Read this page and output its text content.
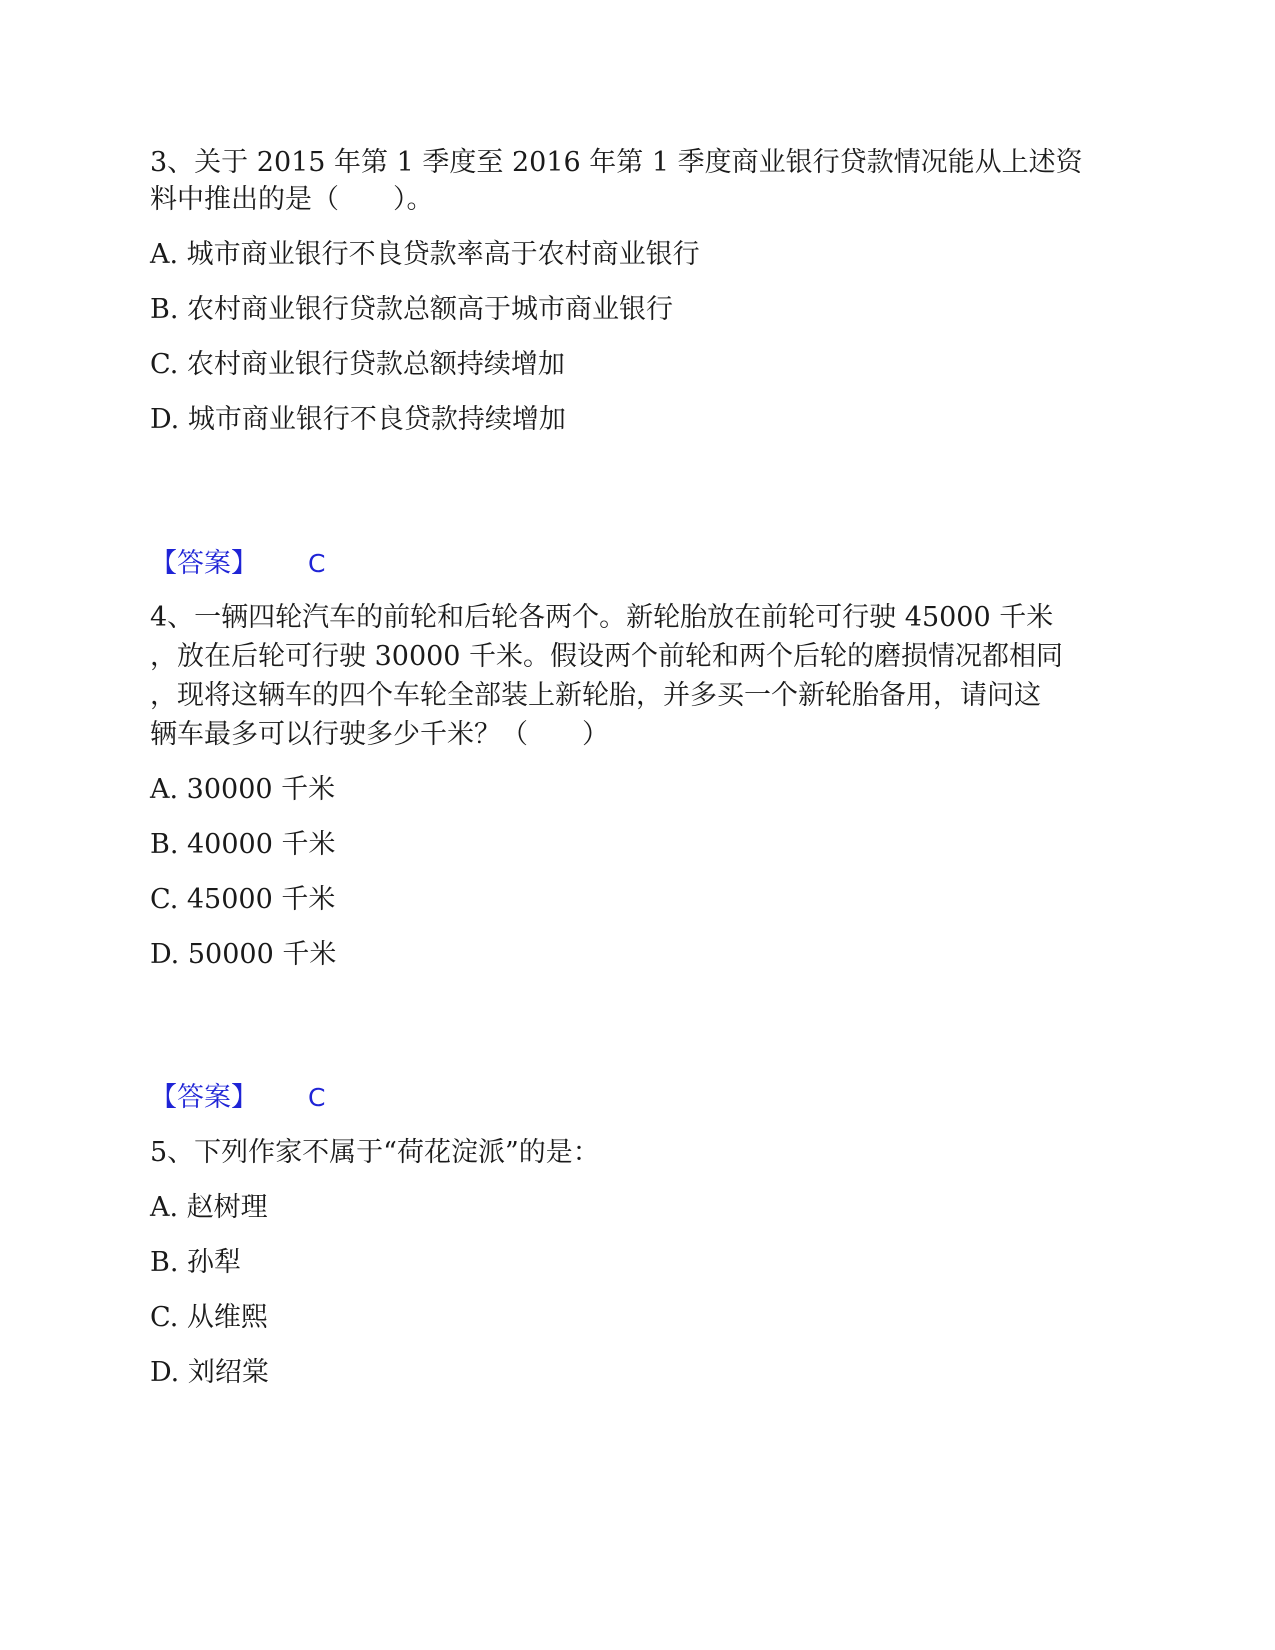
3、关于 2015 年第 1 季度至 2016 年第 1 季度商业银行贷款情况能从上述资
料中推出的是（　　）。
A. 城市商业银行不良贷款率高于农村商业银行
B. 农村商业银行贷款总额高于城市商业银行
C. 农村商业银行贷款总额持续增加
D. 城市商业银行不良贷款持续增加
【答案】 C
4、一辆四轮汽车的前轮和后轮各两个。新轮胎放在前轮可行驶 45000 千米
，放在后轮可行驶 30000 千米。假设两个前轮和两个后轮的磨损情况都相同
，现将这辆车的四个车轮全部装上新轮胎，并多买一个新轮胎备用，请问这
辆车最多可以行驶多少千米？（　　）
A. 30000 千米
B. 40000 千米
C. 45000 千米
D. 50000 千米
【答案】 C
5、下列作家不属于“荷花淀派”的是：
A. 赵树理
B. 孙犁
C. 从维熙
D. 刘绍棠
